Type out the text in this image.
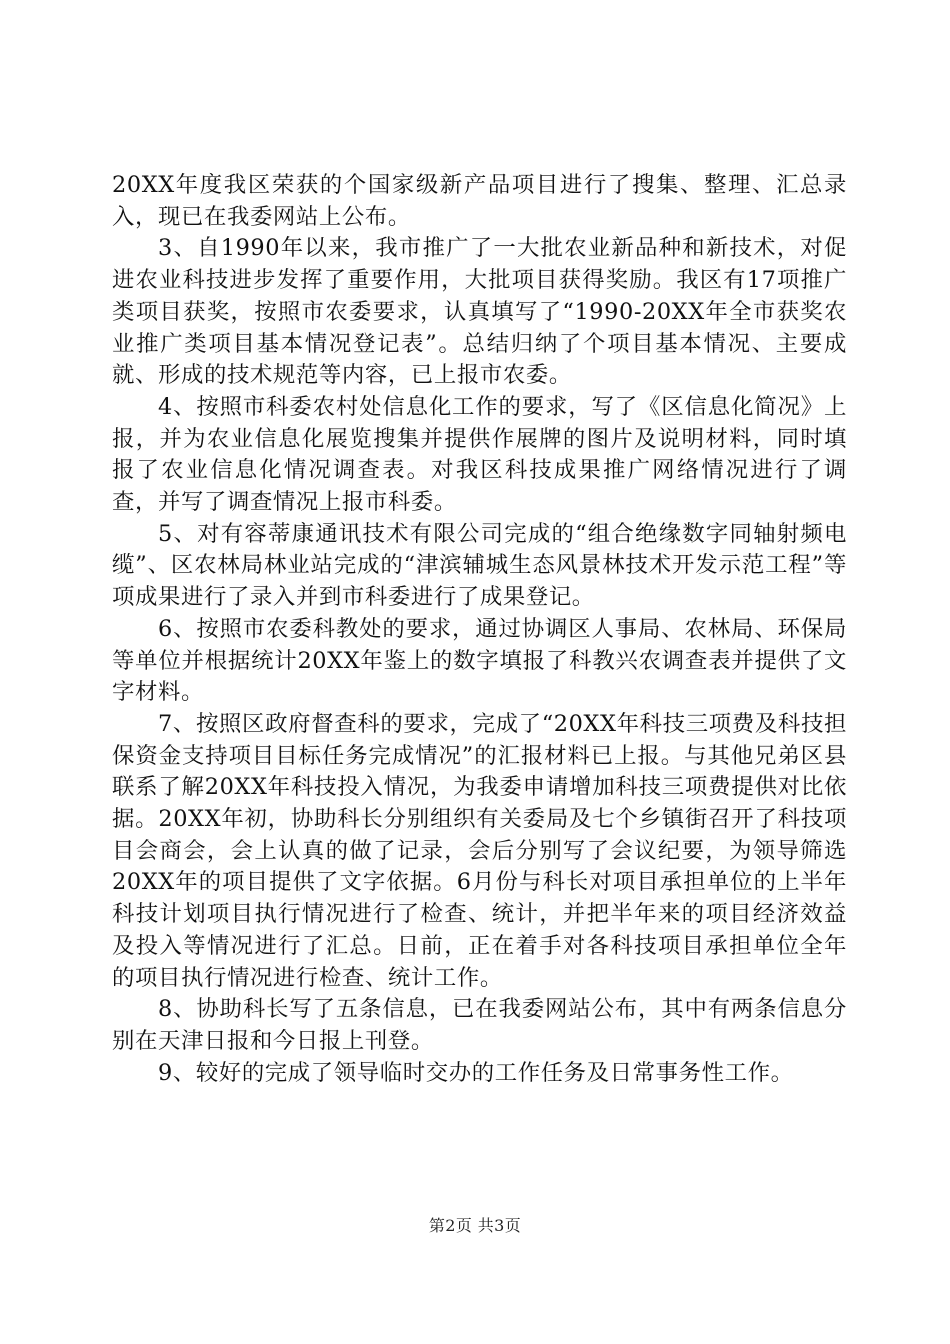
20XX年度我区荣获的个国家级新产品项目进行了搜集、整理、汇总录入，现已在我委网站上公布。

3、自1990年以来，我市推广了一大批农业新品种和新技术，对促进农业科技进步发挥了重要作用，大批项目获得奖励。我区有17项推广类项目获奖，按照市农委要求，认真填写了“1990-20XX年全市获奖农业推广类项目基本情况登记表”。总结归纳了个项目基本情况、主要成就、形成的技术规范等内容，已上报市农委。

4、按照市科委农村处信息化工作的要求，写了《区信息化简况》上报，并为农业信息化展览搜集并提供作展牌的图片及说明材料，同时填报了农业信息化情况调查表。对我区科技成果推广网络情况进行了调查，并写了调查情况上报市科委。

5、对有容蒂康通讯技术有限公司完成的“组合绝缘数字同轴射频电缆”、区农林局林业站完成的“津滨辅城生态风景林技术开发示范工程”等项成果进行了录入并到市科委进行了成果登记。

6、按照市农委科教处的要求，通过协调区人事局、农林局、环保局等单位并根据统计20XX年鉴上的数字填报了科教兴农调查表并提供了文字材料。

7、按照区政府督查科的要求，完成了“20XX年科技三项费及科技担保资金支持项目目标任务完成情况”的汇报材料已上报。与其他兄弟区县联系了解20XX年科技投入情况，为我委申请增加科技三项费提供对比依据。20XX年初，协助科长分别组织有关委局及七个乡镇街召开了科技项目会商会，会上认真的做了记录，会后分别写了会议纪要，为领导筛选20XX年的项目提供了文字依据。6月份与科长对项目承担单位的上半年科技计划项目执行情况进行了检查、统计，并把半年来的项目经济效益及投入等情况进行了汇总。日前，正在着手对各科技项目承担单位全年的项目执行情况进行检查、统计工作。

8、协助科长写了五条信息，已在我委网站公布，其中有两条信息分别在天津日报和今日报上刊登。

9、较好的完成了领导临时交办的工作任务及日常事务性工作。

第2页 共3页
